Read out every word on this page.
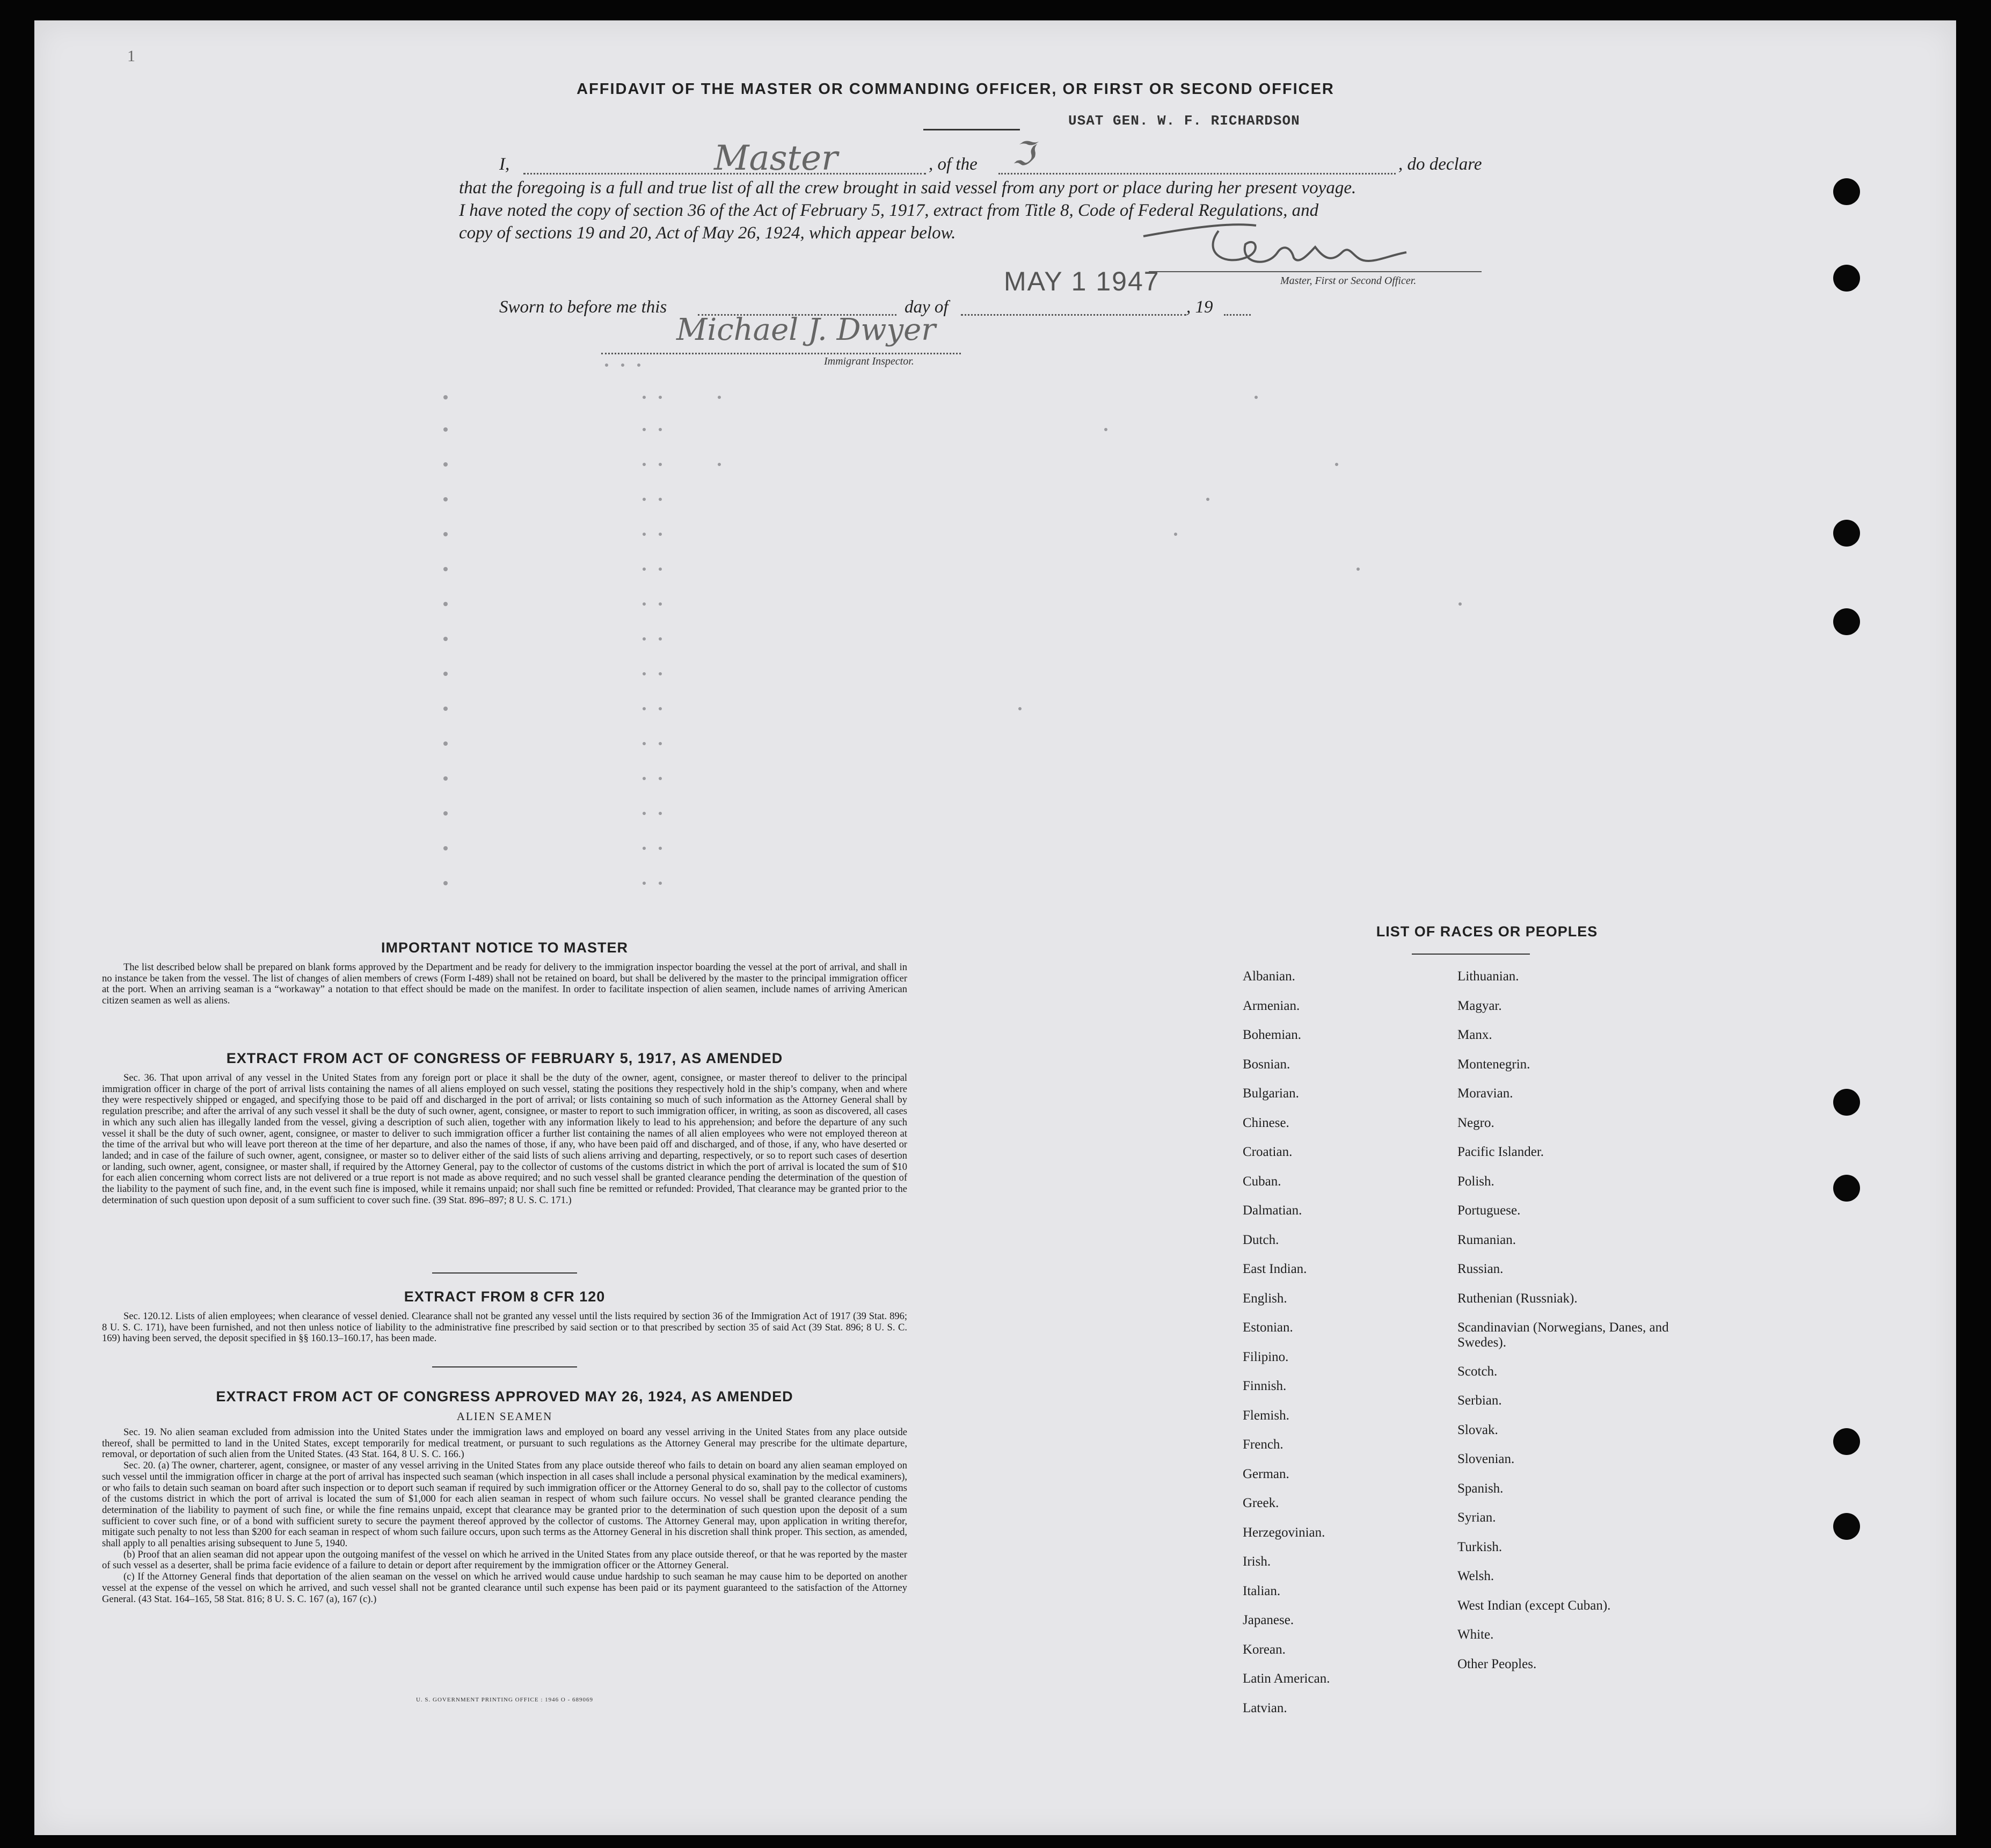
1
AFFIDAVIT OF THE MASTER OR COMMANDING OFFICER, OR FIRST OR SECOND OFFICER
USAT GEN. W. F. RICHARDSON
I,	Master	, of the ℑ	, do declare
that the foregoing is a full and true list of all the crew brought in said vessel from any port or place during her present voyage.
I have noted the copy of section 36 of the Act of February 5, 1917, extract from Title 8, Code of Federal Regulations, and
copy of sections 19 and 20, Act of May 26, 1924, which appear below.
Master, First or Second Officer.
MAY 1 1947
Sworn to before me this	day of	, 19
Michael J. Dwyer
Immigrant Inspector.
IMPORTANT NOTICE TO MASTER

The list described below shall be prepared on blank forms approved by the Department and be ready for delivery to the immigration inspector boarding the vessel at the port of arrival, and shall in no instance be taken from the vessel. The list of changes of alien members of crews (Form I-489) shall not be retained on board, but shall be delivered by the master to the principal immigration officer at the port. When an arriving seaman is a “workaway” a notation to that effect should be made on the manifest. In order to facilitate inspection of alien seamen, include names of arriving American citizen seamen as well as aliens.

EXTRACT FROM ACT OF CONGRESS OF FEBRUARY 5, 1917, AS AMENDED

Sec. 36. That upon arrival of any vessel in the United States from any foreign port or place it shall be the duty of the owner, agent, consignee, or master thereof to deliver to the principal immigration officer in charge of the port of arrival lists containing the names of all aliens employed on such vessel, stating the positions they respectively hold in the ship’s company, when and where they were respectively shipped or engaged, and specifying those to be paid off and discharged in the port of arrival; or lists containing so much of such information as the Attorney General shall by regulation prescribe; and after the arrival of any such vessel it shall be the duty of such owner, agent, consignee, or master to report to such immigration officer, in writing, as soon as discovered, all cases in which any such alien has illegally landed from the vessel, giving a description of such alien, together with any information likely to lead to his apprehension; and before the departure of any such vessel it shall be the duty of such owner, agent, consignee, or master to deliver to such immigration officer a further list containing the names of all alien employees who were not employed thereon at the time of the arrival but who will leave port thereon at the time of her departure, and also the names of those, if any, who have been paid off and discharged, and of those, if any, who have deserted or landed; and in case of the failure of such owner, agent, consignee, or master so to deliver either of the said lists of such aliens arriving and departing, respectively, or so to report such cases of desertion or landing, such owner, agent, consignee, or master shall, if required by the Attorney General, pay to the collector of customs of the customs district in which the port of arrival is located the sum of $10 for each alien concerning whom correct lists are not delivered or a true report is not made as above required; and no such vessel shall be granted clearance pending the determination of the question of the liability to the payment of such fine, and, in the event such fine is imposed, while it remains unpaid; nor shall such fine be remitted or refunded: Provided, That clearance may be granted prior to the determination of such question upon deposit of a sum sufficient to cover such fine. (39 Stat. 896–897; 8 U. S. C. 171.)

EXTRACT FROM 8 CFR 120

Sec. 120.12. Lists of alien employees; when clearance of vessel denied. Clearance shall not be granted any vessel until the lists required by section 36 of the Immigration Act of 1917 (39 Stat. 896; 8 U. S. C. 171), have been furnished, and not then unless notice of liability to the administrative fine prescribed by said section or to that prescribed by section 35 of said Act (39 Stat. 896; 8 U. S. C. 169) having been served, the deposit specified in §§ 160.13–160.17, has been made.

EXTRACT FROM ACT OF CONGRESS APPROVED MAY 26, 1924, AS AMENDED
ALIEN SEAMEN

Sec. 19. No alien seaman excluded from admission into the United States under the immigration laws and employed on board any vessel arriving in the United States from any place outside thereof, shall be permitted to land in the United States, except temporarily for medical treatment, or pursuant to such regulations as the Attorney General may prescribe for the ultimate departure, removal, or deportation of such alien from the United States. (43 Stat. 164, 8 U. S. C. 166.)

Sec. 20. (a) The owner, charterer, agent, consignee, or master of any vessel arriving in the United States from any place outside thereof who fails to detain on board any alien seaman employed on such vessel until the immigration officer in charge at the port of arrival has inspected such seaman (which inspection in all cases shall include a personal physical examination by the medical examiners), or who fails to detain such seaman on board after such inspection or to deport such seaman if required by such immigration officer or the Attorney General to do so, shall pay to the collector of customs of the customs district in which the port of arrival is located the sum of $1,000 for each alien seaman in respect of whom such failure occurs. No vessel shall be granted clearance pending the determination of the liability to payment of such fine, or while the fine remains unpaid, except that clearance may be granted prior to the determination of such question upon the deposit of a sum sufficient to cover such fine, or of a bond with sufficient surety to secure the payment thereof approved by the collector of customs. The Attorney General may, upon application in writing therefor, mitigate such penalty to not less than $200 for each seaman in respect of whom such failure occurs, upon such terms as the Attorney General in his discretion shall think proper. This section, as amended, shall apply to all penalties arising subsequent to June 5, 1940.

(b) Proof that an alien seaman did not appear upon the outgoing manifest of the vessel on which he arrived in the United States from any place outside thereof, or that he was reported by the master of such vessel as a deserter, shall be prima facie evidence of a failure to detain or deport after requirement by the immigration officer or the Attorney General.

(c) If the Attorney General finds that deportation of the alien seaman on the vessel on which he arrived would cause undue hardship to such seaman he may cause him to be deported on another vessel at the expense of the vessel on which he arrived, and such vessel shall not be granted clearance until such expense has been paid or its payment guaranteed to the satisfaction of the Attorney General. (43 Stat. 164–165, 58 Stat. 816; 8 U. S. C. 167 (a), 167 (c).)

U. S. GOVERNMENT PRINTING OFFICE : 1946 O - 689069
LIST OF RACES OR PEOPLES
Albanian.
Armenian.
Bohemian.
Bosnian.
Bulgarian.
Chinese.
Croatian.
Cuban.
Dalmatian.
Dutch.
East Indian.
English.
Estonian.
Filipino.
Finnish.
Flemish.
French.
German.
Greek.
Herzegovinian.
Irish.
Italian.
Japanese.
Korean.
Latin American.
Latvian.
Lithuanian.
Magyar.
Manx.
Montenegrin.
Moravian.
Negro.
Pacific Islander.
Polish.
Portuguese.
Rumanian.
Russian.
Ruthenian (Russniak).
Scandinavian (Norwegians, Danes, and Swedes).
Scotch.
Serbian.
Slovak.
Slovenian.
Spanish.
Syrian.
Turkish.
Welsh.
West Indian (except Cuban).
White.
Other Peoples.
